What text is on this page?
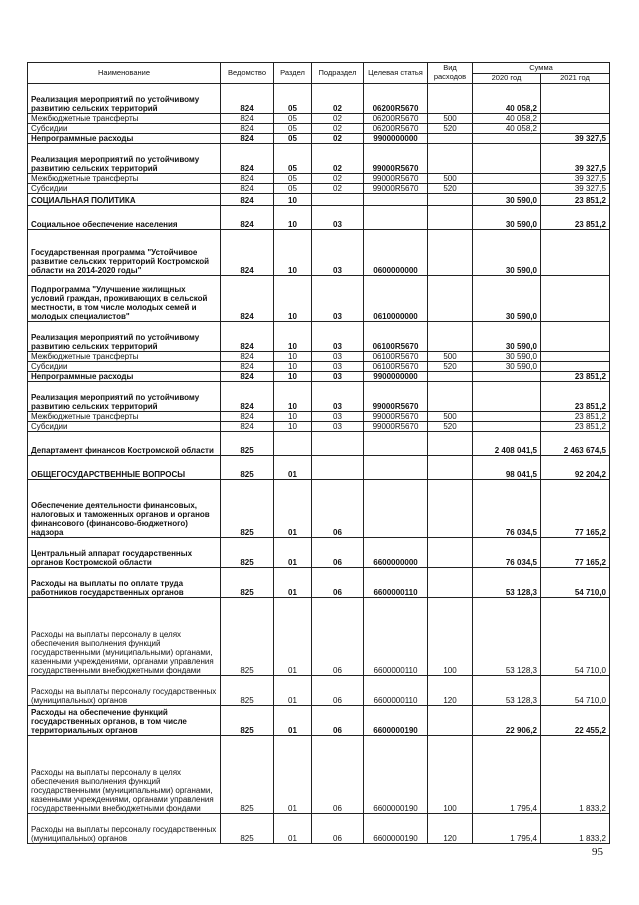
Наименование	Ведомство	Раздел	Подраздел	Целевая статья	Вид расходов	Сумма	
						2020 год	2021 год
Реализация мероприятий по устойчивому развитию сельских территорий	824	05	02	06200R5670		40 058,2	
Межбюджетные трансферты	824	05	02	06200R5670	500	40 058,2	
Субсидии	824	05	02	06200R5670	520	40 058,2	
Непрограммные расходы	824	05	02	9900000000			39 327,5
Реализация мероприятий по устойчивому развитию сельских территорий	824	05	02	99000R5670			39 327,5
Межбюджетные трансферты	824	05	02	99000R5670	500		39 327,5
Субсидии	824	05	02	99000R5670	520		39 327,5
СОЦИАЛЬНАЯ ПОЛИТИКА	824	10				30 590,0	23 851,2
Социальное обеспечение населения	824	10	03			30 590,0	23 851,2
Государственная программа "Устойчивое развитие сельских территорий Костромской области на 2014-2020 годы"	824	10	03	0600000000		30 590,0	
Подпрограмма "Улучшение жилищных условий граждан, проживающих в сельской местности, в том числе молодых семей и молодых специалистов"	824	10	03	0610000000		30 590,0	
Реализация мероприятий по устойчивому развитию сельских территорий	824	10	03	06100R5670		30 590,0	
Межбюджетные трансферты	824	10	03	06100R5670	500	30 590,0	
Субсидии	824	10	03	06100R5670	520	30 590,0	
Непрограммные расходы	824	10	03	9900000000			23 851,2
Реализация мероприятий по устойчивому развитию сельских территорий	824	10	03	99000R5670			23 851,2
Межбюджетные трансферты	824	10	03	99000R5670	500		23 851,2
Субсидии	824	10	03	99000R5670	520		23 851,2
Департамент финансов Костромской области	825					2 408 041,5	2 463 674,5
ОБЩЕГОСУДАРСТВЕННЫЕ ВОПРОСЫ	825	01				98 041,5	92 204,2
Обеспечение деятельности финансовых, налоговых и таможенных органов и органов финансового (финансово-бюджетного) надзора	825	01	06			76 034,5	77 165,2
Центральный аппарат государственных органов Костромской области	825	01	06	6600000000		76 034,5	77 165,2
Расходы на выплаты по оплате труда работников государственных органов	825	01	06	6600000110		53 128,3	54 710,0
Расходы на выплаты персоналу в целях обеспечения выполнения функций государственными (муниципальными) органами, казенными учреждениями, органами управления государственными внебюджетными фондами	825	01	06	6600000110	100	53 128,3	54 710,0
Расходы на выплаты персоналу государственных (муниципальных) органов	825	01	06	6600000110	120	53 128,3	54 710,0
Расходы на обеспечение функций государственных органов, в том числе территориальных органов	825	01	06	6600000190		22 906,2	22 455,2
Расходы на выплаты персоналу в целях обеспечения выполнения функций государственными (муниципальными) органами, казенными учреждениями, органами управления государственными внебюджетными фондами	825	01	06	6600000190	100	1 795,4	1 833,2
Расходы на выплаты персоналу государственных (муниципальных) органов	825	01	06	6600000190	120	1 795,4	1 833,2
95
